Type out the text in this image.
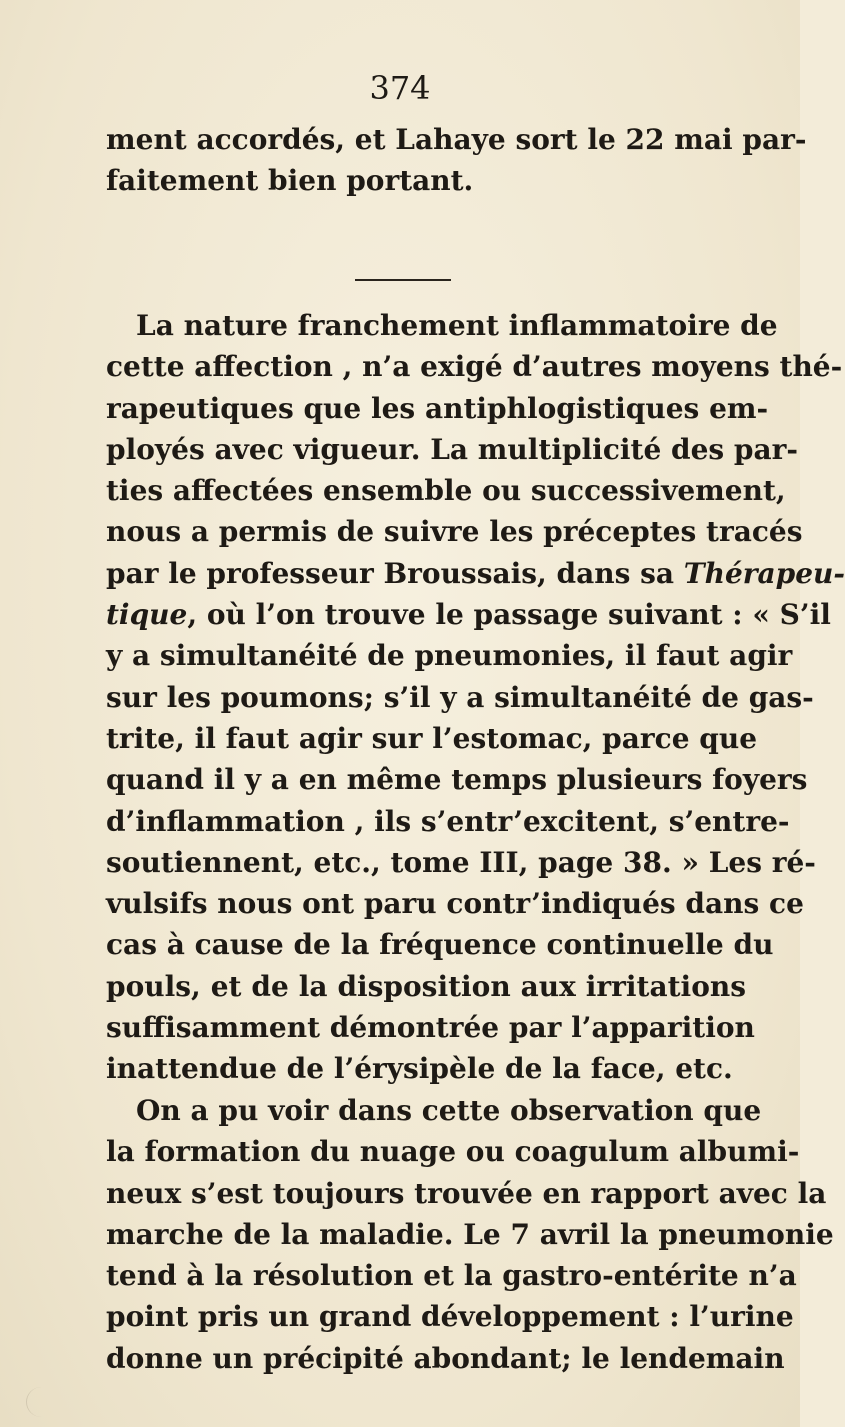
374
ment accordés, et Lahaye sort le 22 mai par-
faitement bien portant.
La nature franchement inflammatoire de
cette affection , n’a exigé d’autres moyens thé-
rapeutiques que les antiphlogistiques em-
ployés avec vigueur. La multiplicité des par-
ties affectées ensemble ou successivement,
nous a permis de suivre les préceptes tracés
par le professeur Broussais, dans sa Thérapeu-
tique, où l’on trouve le passage suivant : « S’il
y a simultanéité de pneumonies, il faut agir
sur les poumons; s’il y a simultanéité de gas-
trite, il faut agir sur l’estomac, parce que
quand il y a en même temps plusieurs foyers
d’inflammation , ils s’entr’excitent, s’entre-
soutiennent, etc., tome III, page 38. » Les ré-
vulsifs nous ont paru contr’indiqués dans ce
cas à cause de la fréquence continuelle du
pouls, et de la disposition aux irritations
suffisamment démontrée par l’apparition
inattendue de l’érysipèle de la face, etc.
On a pu voir dans cette observation que
la formation du nuage ou coagulum albumi-
neux s’est toujours trouvée en rapport avec la
marche de la maladie. Le 7 avril la pneumonie
tend à la résolution et la gastro-entérite n’a
point pris un grand développement : l’urine
donne un précipité abondant; le lendemain
